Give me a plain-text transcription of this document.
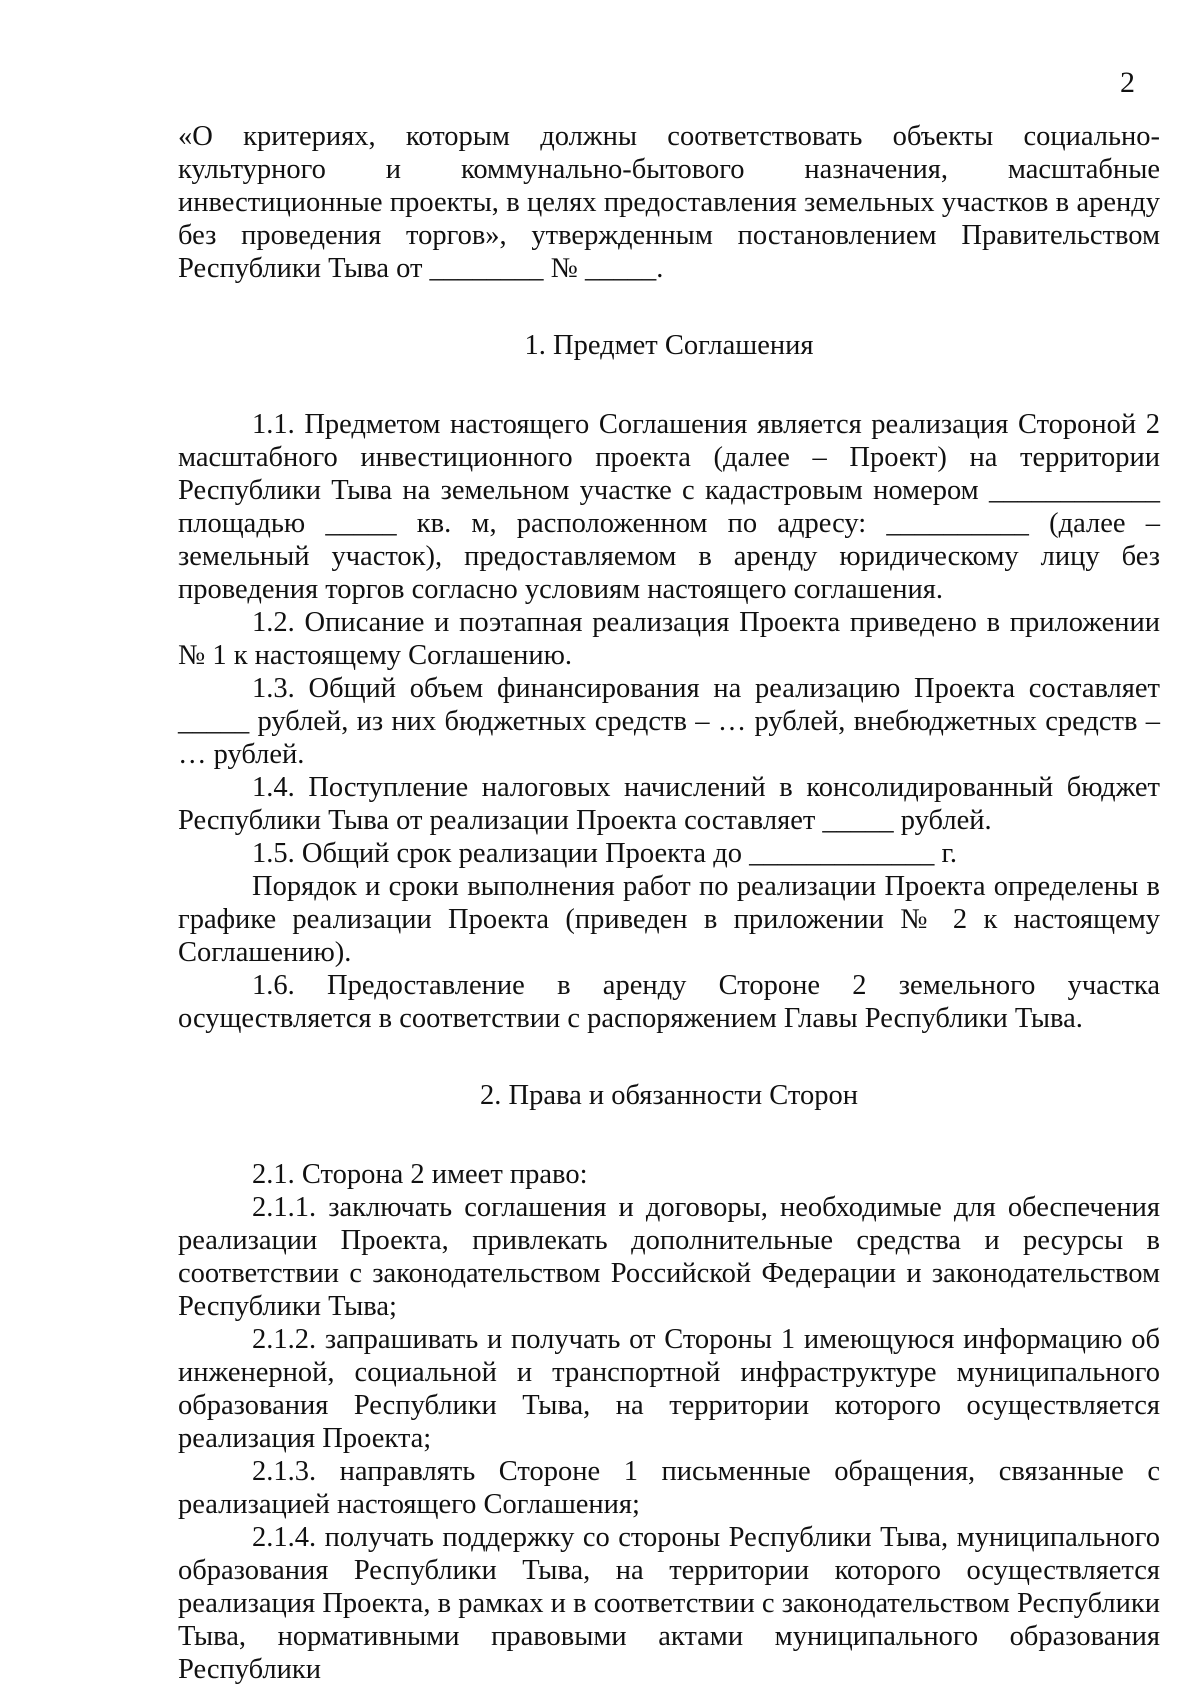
2

«О критериях, которым должны соответствовать объекты социально-культурного и коммунально-бытового назначения, масштабные инвестиционные проекты, в целях предоставления земельных участков в аренду без проведения торгов», утвержденным постановлением Правительством Республики Тыва от ________ № _____.

1. Предмет Соглашения

1.1. Предметом настоящего Соглашения является реализация Стороной 2 масштабного инвестиционного проекта (далее – Проект) на территории Республики Тыва на земельном участке с кадастровым номером ____________ площадью _____ кв. м, расположенном по адресу: __________ (далее – земельный участок), предоставляемом в аренду юридическому лицу без проведения торгов согласно условиям настоящего соглашения.

1.2. Описание и поэтапная реализация Проекта приведено в приложении № 1 к настоящему Соглашению.

1.3. Общий объем финансирования на реализацию Проекта составляет _____ рублей, из них бюджетных средств – … рублей, внебюджетных средств – … рублей.

1.4. Поступление налоговых начислений в консолидированный бюджет Республики Тыва от реализации Проекта составляет _____ рублей.

1.5. Общий срок реализации Проекта до _____________ г.

Порядок и сроки выполнения работ по реализации Проекта определены в графике реализации Проекта (приведен в приложении № 2 к настоящему Соглашению).

1.6. Предоставление в аренду Стороне 2 земельного участка осуществляется в соответствии с распоряжением Главы Республики Тыва.

2. Права и обязанности Сторон

2.1. Сторона 2 имеет право:

2.1.1. заключать соглашения и договоры, необходимые для обеспечения реализации Проекта, привлекать дополнительные средства и ресурсы в соответствии с законодательством Российской Федерации и законодательством Республики Тыва;

2.1.2. запрашивать и получать от Стороны 1 имеющуюся информацию об инженерной, социальной и транспортной инфраструктуре муниципального образования Республики Тыва, на территории которого осуществляется реализация Проекта;

2.1.3. направлять Стороне 1 письменные обращения, связанные с реализацией настоящего Соглашения;

2.1.4. получать поддержку со стороны Республики Тыва, муниципального образования Республики Тыва, на территории которого осуществляется реализация Проекта, в рамках и в соответствии с законодательством Республики Тыва, нормативными правовыми актами муниципального образования Республики
